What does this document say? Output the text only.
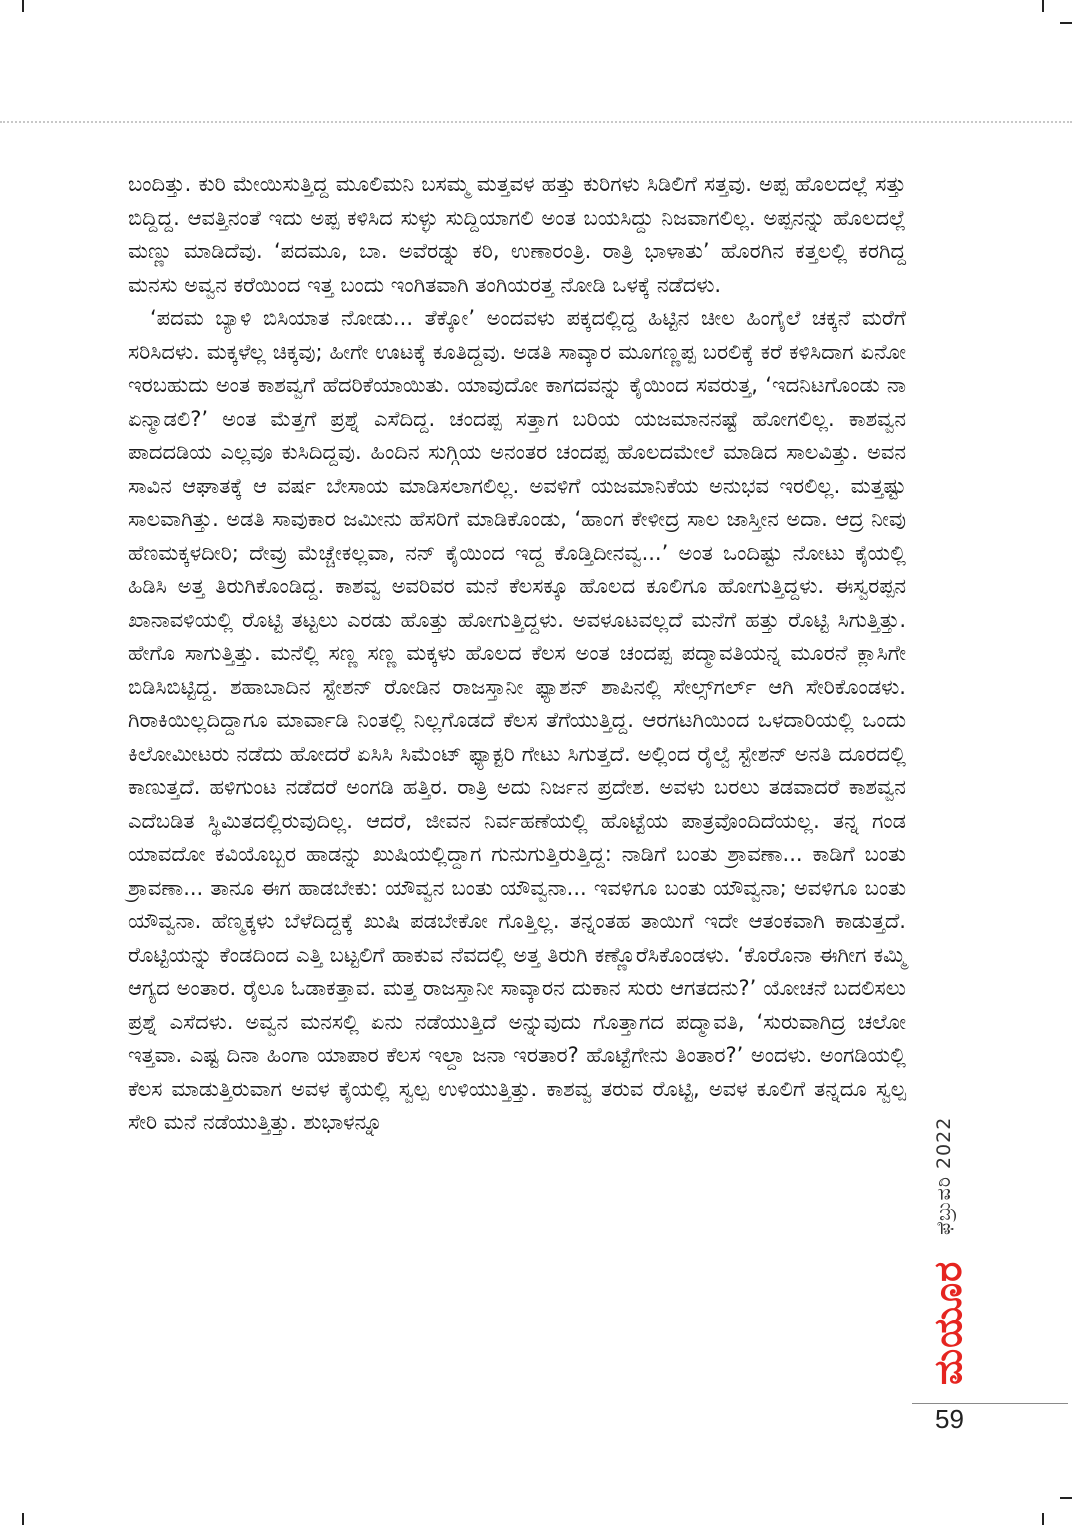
ಬಂದಿತ್ತು. ಕುರಿ ಮೇಯಿಸುತ್ತಿದ್ದ ಮೂಲಿಮನಿ ಬಸಮ್ಮ ಮತ್ತವಳ ಹತ್ತು ಕುರಿಗಳು ಸಿಡಿಲಿಗೆ ಸತ್ತವು. ಅಪ್ಪ ಹೊಲದಲ್ಲೆ ಸತ್ತು ಬಿದ್ದಿದ್ದ. ಆವತ್ತಿನಂತೆ ಇದು ಅಪ್ಪ ಕಳಿಸಿದ ಸುಳ್ಳು ಸುದ್ದಿಯಾಗಲಿ ಅಂತ ಬಯಸಿದ್ದು ನಿಜವಾಗಲಿಲ್ಲ. ಅಪ್ಪನನ್ನು ಹೊಲದಲ್ಲೆ ಮಣ್ಣು ಮಾಡಿದೆವು. ‘ಪದಮೂ, ಬಾ. ಅವೆರಡ್ನು ಕರಿ, ಉಣಾರಂತ್ರಿ. ರಾತ್ರಿ ಭಾಳಾತು’ ಹೊರಗಿನ ಕತ್ತಲಲ್ಲಿ ಕರಗಿದ್ದ ಮನಸು ಅವ್ವನ ಕರೆಯಿಂದ ಇತ್ತ ಬಂದು ಇಂಗಿತವಾಗಿ ತಂಗಿಯರತ್ತ ನೋಡಿ ಒಳಕ್ಕೆ ನಡೆದಳು.

‘ಪದಮ ಬ್ಯಾಳಿ ಬಿಸಿಯಾತ ನೋಡು... ತೆಕ್ಕೋ’ ಅಂದವಳು ಪಕ್ಕದಲ್ಲಿದ್ದ ಹಿಟ್ಟಿನ ಚೀಲ ಹಿಂಗೈಲೆ ಚಕ್ಕನೆ ಮರೆಗೆ ಸರಿಸಿದಳು. ಮಕ್ಕಳೆಲ್ಲ ಚಿಕ್ಕವು; ಹೀಗೇ ಊಟಕ್ಕೆ ಕೂತಿದ್ದವು. ಅಡತಿ ಸಾವ್ಕಾರ ಮೂಗಣ್ಣಪ್ಪ ಬರಲಿಕ್ಕೆ ಕರೆ ಕಳಿಸಿದಾಗ ಏನೋ ಇರಬಹುದು ಅಂತ ಕಾಶವ್ವಗೆ ಹೆದರಿಕೆಯಾಯಿತು. ಯಾವುದೋ ಕಾಗದವನ್ನು ಕೈಯಿಂದ ಸವರುತ್ತ, ‘ಇದನಿಟಗೊಂಡು ನಾ ಏನ್ಮಾಡಲಿ?’ ಅಂತ ಮೆತ್ತಗೆ ಪ್ರಶ್ನೆ ಎಸೆದಿದ್ದ. ಚಂದಪ್ಪ ಸತ್ತಾಗ ಬರಿಯ ಯಜಮಾನನಷ್ಟೆ ಹೋಗಲಿಲ್ಲ. ಕಾಶವ್ವನ ಪಾದದಡಿಯ ಎಲ್ಲವೂ ಕುಸಿದಿದ್ದವು. ಹಿಂದಿನ ಸುಗ್ಗಿಯ ಅನಂತರ ಚಂದಪ್ಪ ಹೊಲದಮೇಲೆ ಮಾಡಿದ ಸಾಲವಿತ್ತು. ಅವನ ಸಾವಿನ ಆಘಾತಕ್ಕೆ ಆ ವರ್ಷ ಬೇಸಾಯ ಮಾಡಿಸಲಾಗಲಿಲ್ಲ. ಅವಳಿಗೆ ಯಜಮಾನಿಕೆಯ ಅನುಭವ ಇರಲಿಲ್ಲ. ಮತ್ತಷ್ಟು ಸಾಲವಾಗಿತ್ತು. ಅಡತಿ ಸಾವುಕಾರ ಜಮೀನು ಹೆಸರಿಗೆ ಮಾಡಿಕೊಂಡು, ‘ಹಾಂಗ ಕೇಳೀದ್ರ ಸಾಲ ಜಾಸ್ತೀನ ಅದಾ. ಆದ್ರ ನೀವು ಹೆಣಮಕ್ಕಳದೀರಿ; ದೇವ್ರು ಮೆಚ್ಚೇಕಲ್ಲವಾ, ನನ್ ಕೈಯಿಂದ ಇದ್ದ ಕೊಡ್ತಿದೀನವ್ವ...’ ಅಂತ ಒಂದಿಷ್ಟು ನೋಟು ಕೈಯಲ್ಲಿ ಹಿಡಿಸಿ ಅತ್ತ ತಿರುಗಿಕೊಂಡಿದ್ದ. ಕಾಶವ್ವ ಅವರಿವರ ಮನೆ ಕೆಲಸಕ್ಕೂ ಹೊಲದ ಕೂಲಿಗೂ ಹೋಗುತ್ತಿದ್ದಳು. ಈಸ್ವರಪ್ಪನ ಖಾನಾವಳಿಯಲ್ಲಿ ರೊಟ್ಟಿ ತಟ್ಟಲು ಎರಡು ಹೊತ್ತು ಹೋಗುತ್ತಿದ್ದಳು. ಅವಳೂಟವಲ್ಲದೆ ಮನೆಗೆ ಹತ್ತು ರೊಟ್ಟಿ ಸಿಗುತ್ತಿತ್ತು. ಹೇಗೊ ಸಾಗುತ್ತಿತ್ತು. ಮನೆಲ್ಲಿ ಸಣ್ಣ ಸಣ್ಣ ಮಕ್ಕಳು ಹೊಲದ ಕೆಲಸ ಅಂತ ಚಂದಪ್ಪ ಪದ್ಮಾವತಿಯನ್ನ ಮೂರನೆ ಕ್ಲಾಸಿಗೇ ಬಿಡಿಸಿಬಿಟ್ಟಿದ್ದ. ಶಹಾಬಾದಿನ ಸ್ಟೇಶನ್ ರೋಡಿನ ರಾಜಸ್ತಾನೀ ಫ್ಯಾಶನ್ ಶಾಪಿನಲ್ಲಿ ಸೇಲ್ಸ್‌ಗರ್ಲ್ ಆಗಿ ಸೇರಿಕೊಂಡಳು. ಗಿರಾಕಿಯಿಲ್ಲದಿದ್ದಾಗೂ ಮಾರ್ವಾಡಿ ನಿಂತಲ್ಲಿ ನಿಲ್ಲಗೊಡದೆ ಕೆಲಸ ತೆಗೆಯುತ್ತಿದ್ದ. ಆರಗಟಗಿಯಿಂದ ಒಳದಾರಿಯಲ್ಲಿ ಒಂದು ಕಿಲೋಮೀಟರು ನಡೆದು ಹೋದರೆ ಏಸಿಸಿ ಸಿಮೆಂಟ್ ಫ್ಯಾಕ್ಟರಿ ಗೇಟು ಸಿಗುತ್ತದೆ. ಅಲ್ಲಿಂದ ರೈಲ್ವೆ ಸ್ಟೇಶನ್ ಅನತಿ ದೂರದಲ್ಲಿ ಕಾಣುತ್ತದೆ. ಹಳಿಗುಂಟ ನಡೆದರೆ ಅಂಗಡಿ ಹತ್ತಿರ. ರಾತ್ರಿ ಅದು ನಿರ್ಜನ ಪ್ರದೇಶ. ಅವಳು ಬರಲು ತಡವಾದರೆ ಕಾಶವ್ವನ ಎದೆಬಡಿತ ಸ್ಥಿಮಿತದಲ್ಲಿರುವುದಿಲ್ಲ. ಆದರೆ, ಜೀವನ ನಿರ್ವಹಣೆಯಲ್ಲಿ ಹೊಟ್ಟೆಯ ಪಾತ್ರವೊಂದಿದೆಯಲ್ಲ. ತನ್ನ ಗಂಡ ಯಾವದೋ ಕವಿಯೊಬ್ಬರ ಹಾಡನ್ನು ಖುಷಿಯಲ್ಲಿದ್ದಾಗ ಗುನುಗುತ್ತಿರುತ್ತಿದ್ದ: ನಾಡಿಗೆ ಬಂತು ಶ್ರಾವಣಾ... ಕಾಡಿಗೆ ಬಂತು ಶ್ರಾವಣಾ... ತಾನೂ ಈಗ ಹಾಡಬೇಕು: ಯೌವ್ವನ ಬಂತು ಯೌವ್ವನಾ... ಇವಳಿಗೂ ಬಂತು ಯೌವ್ವನಾ; ಅವಳಿಗೂ ಬಂತು ಯೌವ್ವನಾ. ಹೆಣ್ಮಕ್ಕಳು ಬೆಳೆದಿದ್ದಕ್ಕೆ ಖುಷಿ ಪಡಬೇಕೋ ಗೊತ್ತಿಲ್ಲ. ತನ್ನಂತಹ ತಾಯಿಗೆ ಇದೇ ಆತಂಕವಾಗಿ ಕಾಡುತ್ತದೆ. ರೊಟ್ಟಿಯನ್ನು ಕೆಂಡದಿಂದ ಎತ್ತಿ ಬಟ್ಟಲಿಗೆ ಹಾಕುವ ನೆವದಲ್ಲಿ ಅತ್ತ ತಿರುಗಿ ಕಣ್ಣೊರೆಸಿಕೊಂಡಳು. ‘ಕೊರೊನಾ ಈಗೀಗ ಕಮ್ಮಿ ಆಗ್ಯದ ಅಂತಾರ. ರೈಲೂ ಓಡಾಕತ್ತಾವ. ಮತ್ತ ರಾಜಸ್ತಾನೀ ಸಾವ್ಕಾರನ ದುಕಾನ ಸುರು ಆಗತದನು?’ ಯೋಚನೆ ಬದಲಿಸಲು ಪ್ರಶ್ನೆ ಎಸೆದಳು. ಅವ್ವನ ಮನಸಲ್ಲಿ ಏನು ನಡೆಯುತ್ತಿದೆ ಅನ್ನುವುದು ಗೊತ್ತಾಗದ ಪದ್ಮಾವತಿ, ‘ಸುರುವಾಗಿದ್ರ ಚಲೋ ಇತ್ತವಾ. ಎಷ್ಟ ದಿನಾ ಹಿಂಗಾ ಯಾಪಾರ ಕೆಲಸ ಇಲ್ದಾ ಜನಾ ಇರತಾರ? ಹೊಟ್ಟೆಗೇನು ತಿಂತಾರ?’ ಅಂದಳು. ಅಂಗಡಿಯಲ್ಲಿ ಕೆಲಸ ಮಾಡುತ್ತಿರುವಾಗ ಅವಳ ಕೈಯಲ್ಲಿ ಸ್ವಲ್ಪ ಉಳಿಯುತ್ತಿತ್ತು. ಕಾಶವ್ವ ತರುವ ರೊಟ್ಟಿ, ಅವಳ ಕೂಲಿಗೆ ತನ್ನದೂ ಸ್ವಲ್ಪ ಸೇರಿ ಮನೆ ನಡೆಯುತ್ತಿತ್ತು. ಶುಭಾಳನ್ನೂ	ಫೆಬ್ರುವರಿ 2022
ಮಯೂರ
59
